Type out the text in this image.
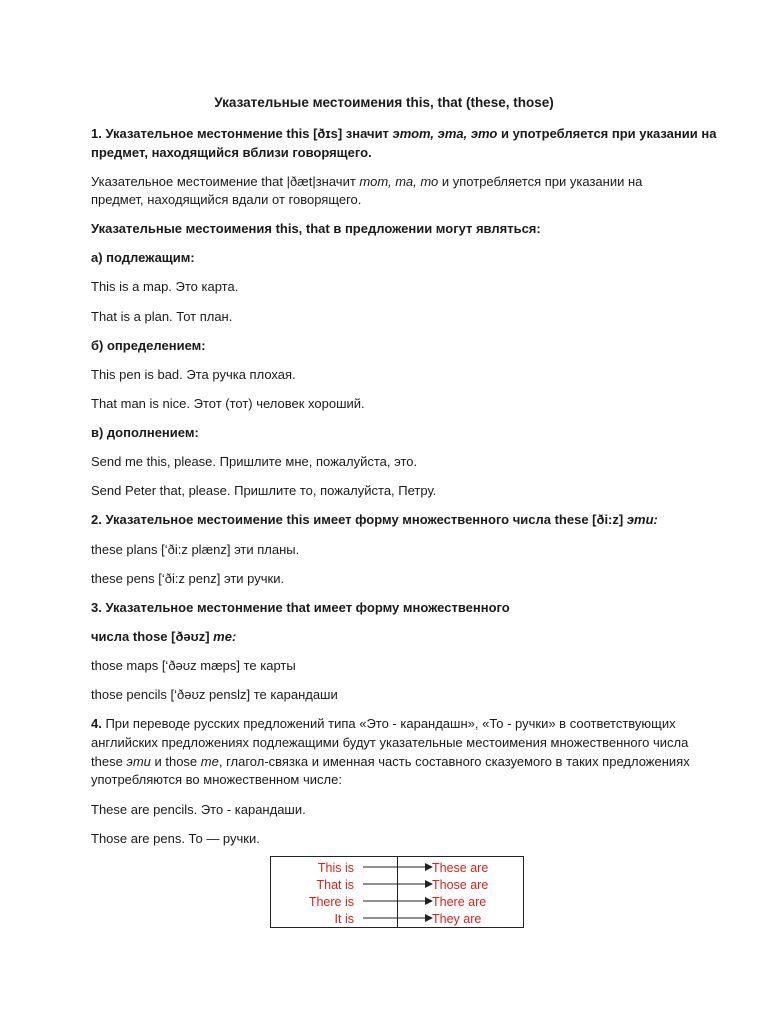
Указательные местоимения this, that (these, those)
1. Указательное местонмение this [ðɪs] значит этот, эта, это и употребляется при указании на
предмет, находящийся вблизи говорящего.
Указательное местоимение that |ðæt|значит тот, та, то и употребляется при указании на
предмет, находящийся вдали от говорящего.
Указательные местоимения this, that в предложении могут являться:
а) подлежащим:
This is a map. Это карта.
That is a plan. Тот план.
б) определением:
This pen is bad. Эта ручка плохая.
That man is nice. Этот (тот) человек хороший.
в) дополнением:
Send me this, please. Пришлите мне, пожалуйста, это.
Send Peter that, please. Пришлите то, пожалуйста, Петру.
2. Указательное местоимение this имеет форму множественного числа these [ði:z] эти:
these plans [‘ði:z plænz] эти планы.
these pens [‘ði:z penz] эти ручки.
3. Указательное местонмение that имеет форму множественного
числа those [ðəʊz] me:
those maps [‘ðəʊz mæps] те карты
those pencils [‘ðəʊz penslz] те карандаши
4. При переводе русских предложений типа «Это - карандашн», «То - ручки» в соответствующих
английских предложениях подлежащими будут указательные местоимения множественного числа
these эти и those me, глагол-связка и именная часть составного сказуемого в таких предложениях
употребляются во множественном числе:
These are pencils. Это - карандаши.
Those are pens. То — ручки.
This is	These are
That is	Those are
There is	There are
It is	They are
